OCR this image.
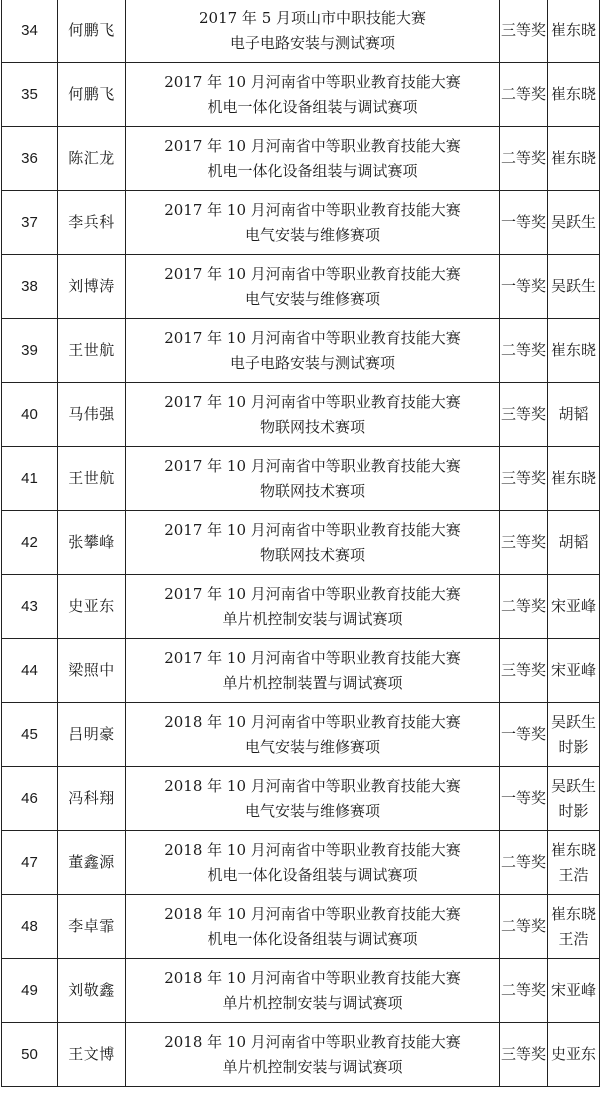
34	何鹏飞	2017 年 5 月项山市中职技能大赛
电子电路安装与测试赛项	三等奖	崔东晓

35	何鹏飞	2017 年 10 月河南省中等职业教育技能大赛
机电一体化设备组装与调试赛项	二等奖	崔东晓

36	陈汇龙	2017 年 10 月河南省中等职业教育技能大赛
机电一体化设备组装与调试赛项	二等奖	崔东晓

37	李兵科	2017 年 10 月河南省中等职业教育技能大赛
电气安装与维修赛项	一等奖	吴跃生

38	刘博涛	2017 年 10 月河南省中等职业教育技能大赛
电气安装与维修赛项	一等奖	吴跃生

39	王世航	2017 年 10 月河南省中等职业教育技能大赛
电子电路安装与测试赛项	二等奖	崔东晓

40	马伟强	2017 年 10 月河南省中等职业教育技能大赛
物联网技术赛项	三等奖	胡韬

41	王世航	2017 年 10 月河南省中等职业教育技能大赛
物联网技术赛项	三等奖	崔东晓

42	张攀峰	2017 年 10 月河南省中等职业教育技能大赛
物联网技术赛项	三等奖	胡韬

43	史亚东	2017 年 10 月河南省中等职业教育技能大赛
单片机控制安装与调试赛项	二等奖	宋亚峰

44	梁照中	2017 年 10 月河南省中等职业教育技能大赛
单片机控制装置与调试赛项	三等奖	宋亚峰

45	吕明豪	2018 年 10 月河南省中等职业教育技能大赛
电气安装与维修赛项	一等奖	吴跃生
时影

46	冯科翔	2018 年 10 月河南省中等职业教育技能大赛
电气安装与维修赛项	一等奖	吴跃生
时影

47	董鑫源	2018 年 10 月河南省中等职业教育技能大赛
机电一体化设备组装与调试赛项	二等奖	崔东晓
王浩

48	李卓霏	2018 年 10 月河南省中等职业教育技能大赛
机电一体化设备组装与调试赛项	二等奖	崔东晓
王浩

49	刘敬鑫	2018 年 10 月河南省中等职业教育技能大赛
单片机控制安装与调试赛项	二等奖	宋亚峰

50	王文博	2018 年 10 月河南省中等职业教育技能大赛
单片机控制安装与调试赛项	三等奖	史亚东
